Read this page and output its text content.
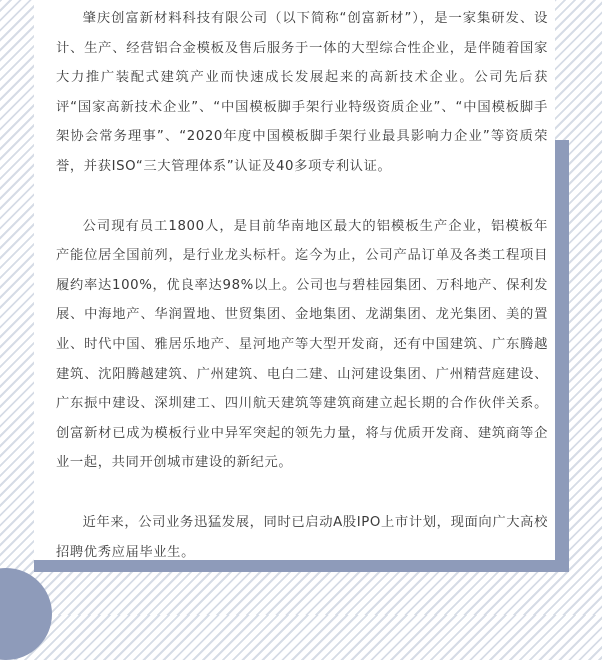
肇庆创富新材料科技有限公司（以下简称“创富新材”），是一家集研发、设计、生产、经营铝合金模板及售后服务于一体的大型综合性企业，是伴随着国家大力推广装配式建筑产业而快速成长发展起来的高新技术企业。公司先后获评“国家高新技术企业”、“中国模板脚手架行业特级资质企业”、“中国模板脚手架协会常务理事”、“2020年度中国模板脚手架行业最具影响力企业”等资质荣誉，并获ISO“三大管理体系”认证及40多项专利认证。

公司现有员工1800人，是目前华南地区最大的铝模板生产企业，铝模板年产能位居全国前列，是行业龙头标杆。迄今为止，公司产品订单及各类工程项目履约率达100%，优良率达98%以上。公司也与碧桂园集团、万科地产、保利发展、中海地产、华润置地、世贸集团、金地集团、龙湖集团、龙光集团、美的置业、时代中国、雅居乐地产、星河地产等大型开发商，还有中国建筑、广东腾越建筑、沈阳腾越建筑、广州建筑、电白二建、山河建设集团、广州精营庭建设、广东振中建设、深圳建工、四川航天建筑等建筑商建立起长期的合作伙伴关系。创富新材已成为模板行业中异军突起的领先力量，将与优质开发商、建筑商等企业一起，共同开创城市建设的新纪元。

近年来，公司业务迅猛发展，同时已启动A股IPO上市计划，现面向广大高校招聘优秀应届毕业生。
